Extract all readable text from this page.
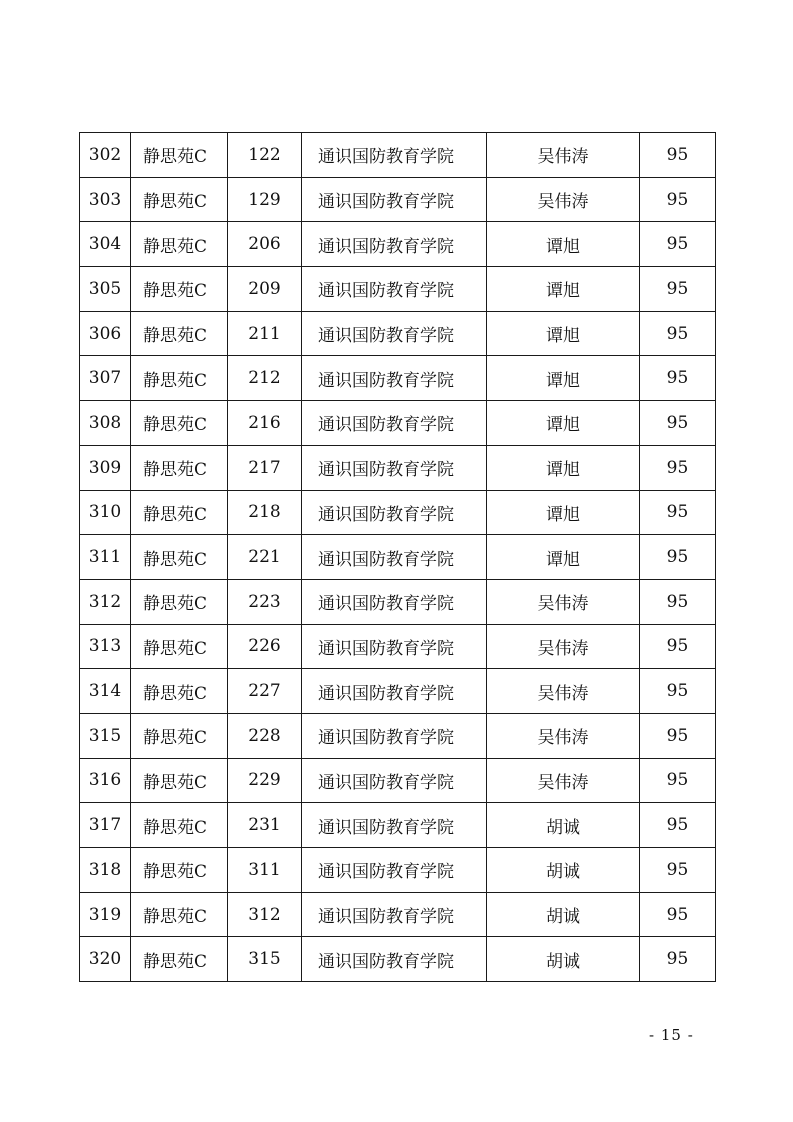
302	静思苑C	122	通识国防教育学院	吴伟涛	95
303	静思苑C	129	通识国防教育学院	吴伟涛	95
304	静思苑C	206	通识国防教育学院	谭旭	95
305	静思苑C	209	通识国防教育学院	谭旭	95
306	静思苑C	211	通识国防教育学院	谭旭	95
307	静思苑C	212	通识国防教育学院	谭旭	95
308	静思苑C	216	通识国防教育学院	谭旭	95
309	静思苑C	217	通识国防教育学院	谭旭	95
310	静思苑C	218	通识国防教育学院	谭旭	95
311	静思苑C	221	通识国防教育学院	谭旭	95
312	静思苑C	223	通识国防教育学院	吴伟涛	95
313	静思苑C	226	通识国防教育学院	吴伟涛	95
314	静思苑C	227	通识国防教育学院	吴伟涛	95
315	静思苑C	228	通识国防教育学院	吴伟涛	95
316	静思苑C	229	通识国防教育学院	吴伟涛	95
317	静思苑C	231	通识国防教育学院	胡诚	95
318	静思苑C	311	通识国防教育学院	胡诚	95
319	静思苑C	312	通识国防教育学院	胡诚	95
320	静思苑C	315	通识国防教育学院	胡诚	95
- 15 -
